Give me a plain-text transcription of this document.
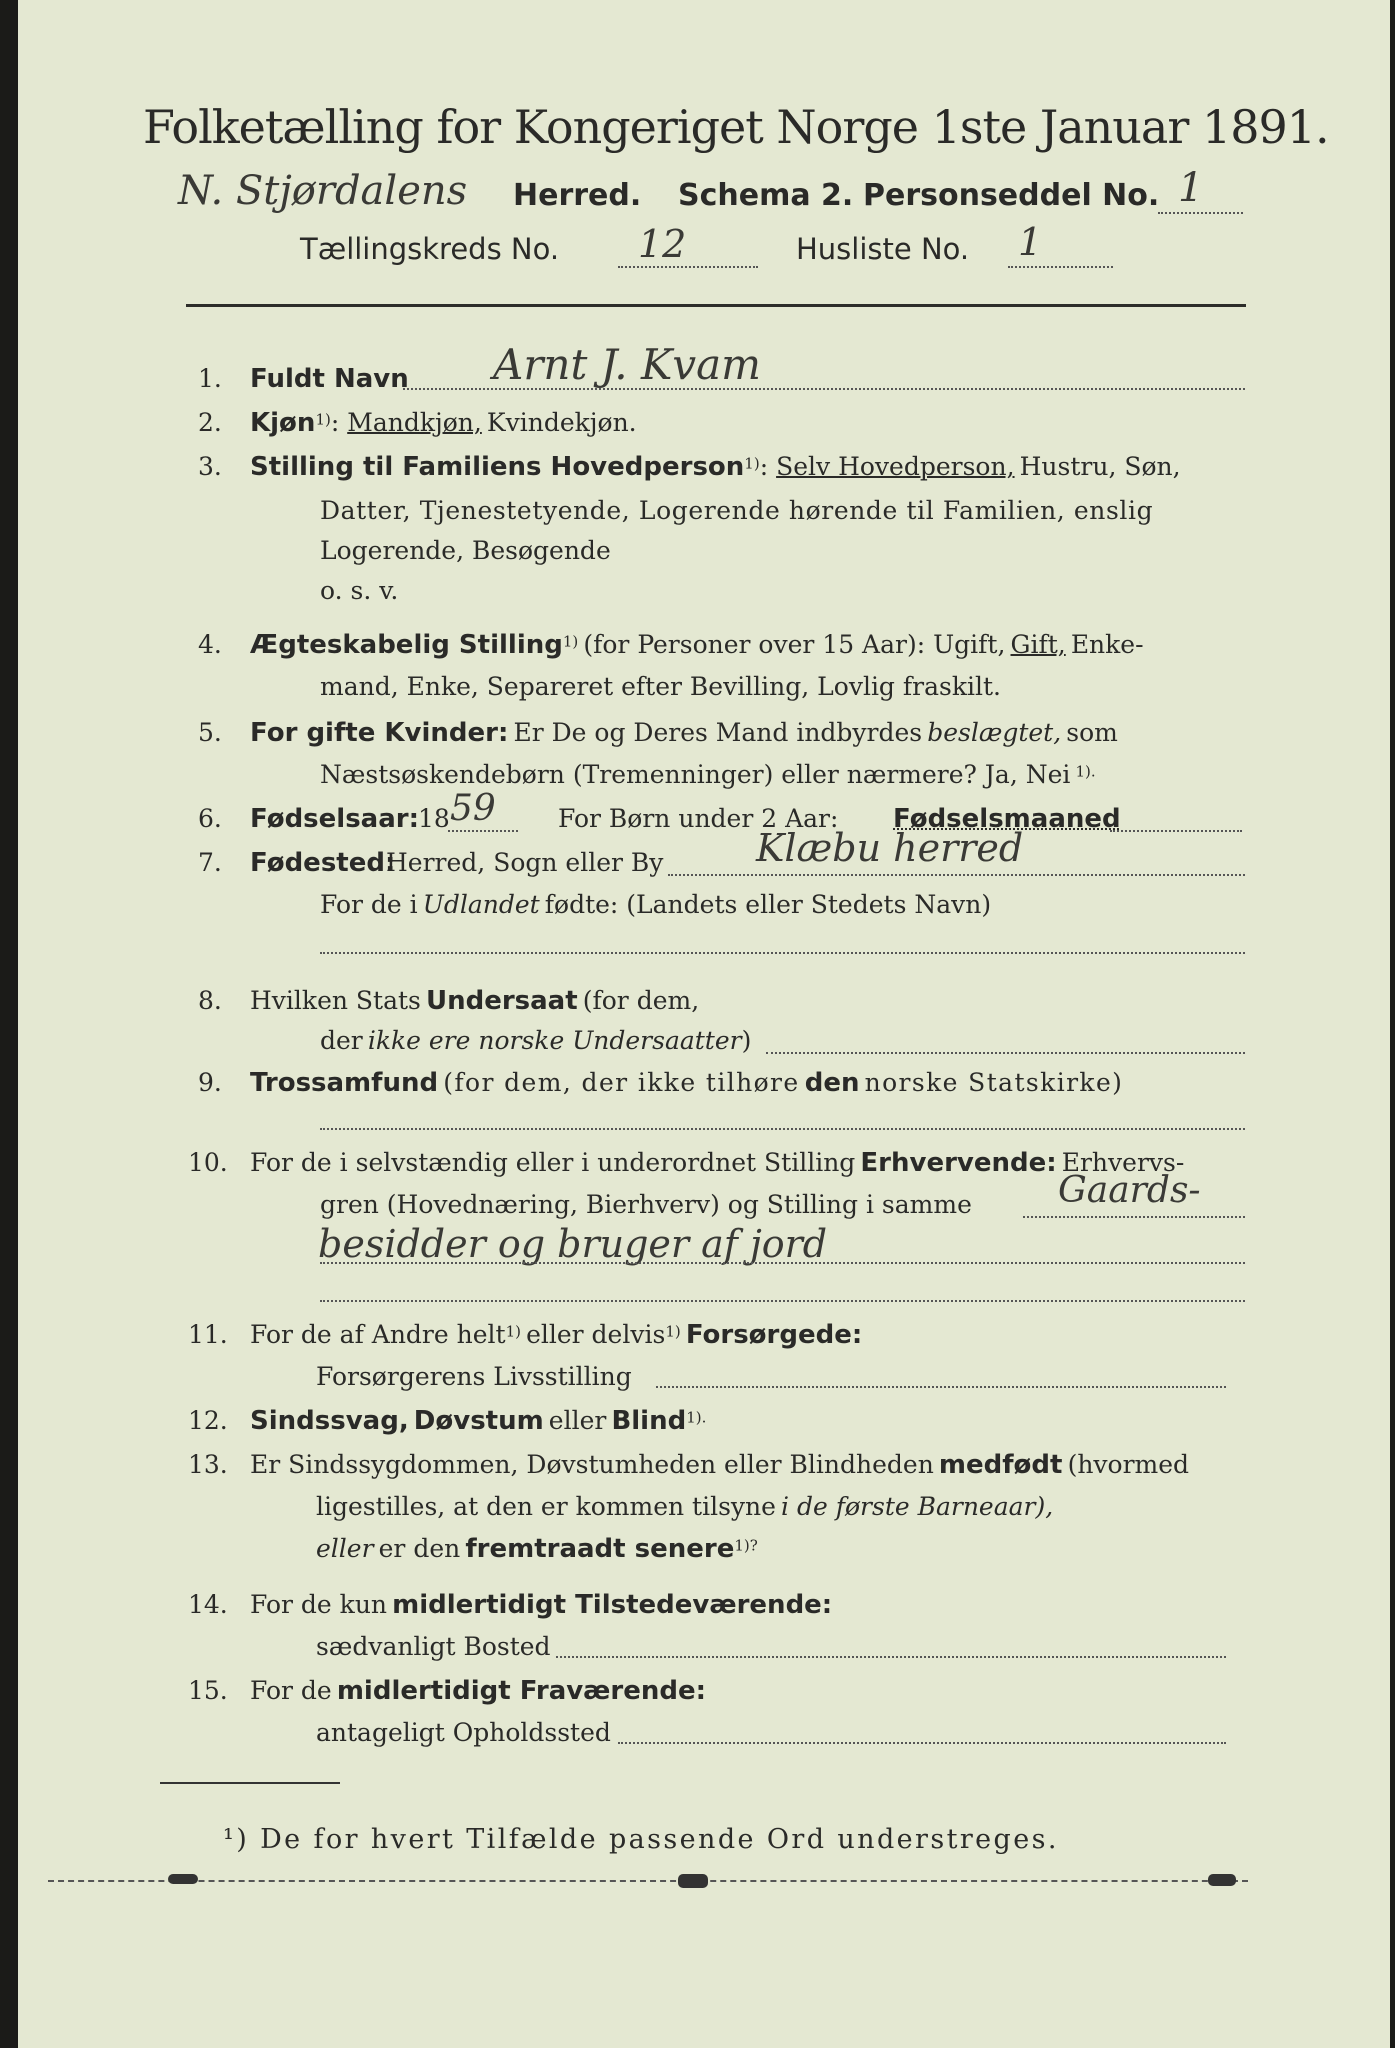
Folketælling for Kongeriget Norge 1ste Januar 1891.
N. Stjørdalens Herred. Schema 2. Personseddel No. 1
Tællingskreds No. 12	Husliste No. 1
1. Fuldt Navn Arnt J. Kvam
2. Kjøn$^{1)}$: Mandkjøn, Kvindekjøn.
3. Stilling til Familiens Hovedperson$^{1)}$: Selv Hovedperson, Hustru, Søn,
Datter, Tjenestetyende, Logerende hørende til Familien, enslig
Logerende, Besøgende
o. s. v.
4. Ægteskabelig Stilling$^{1)}$ (for Personer over 15 Aar): Ugift, Gift, Enke-
mand, Enke, Separeret efter Bevilling, Lovlig fraskilt.
5. For gifte Kvinder: Er De og Deres Mand indbyrdes beslægtet, som
Næstsøskendebørn (Tremenninger) eller nærmere? Ja, Nei 1).
6. Fødselsaar: 18 59 For Børn under 2 Aar: Fødselsmaaned
7. Fødested:
Herred, Sogn eller By Klæbu herred
For de i Udlandet fødte: (Landets eller Stedets Navn)
8. Hvilken Stats Undersaat (for dem,
der ikke ere norske Undersaatter)
9. Trossamfund (for dem, der ikke tilhøre den norske Statskirke)
10. For de i selvstændig eller i underordnet Stilling Erhvervende: Erhvervs-
gren (Hovednæring, Bierhverv) og Stilling i samme Gaards-
besidder og bruger af jord
11. For de af Andre helt$^{1)}$ eller delvis$^{1)}$ Forsørgede:
Forsørgerens Livsstilling
12. Sindssvag, Døvstum eller Blind1).
13. Er Sindssygdommen, Døvstumheden eller Blindheden medfødt (hvormed
ligestilles, at den er kommen tilsyne i de første Barneaar),
eller er den fremtraadt senere1)?
14. For de kun midlertidigt Tilstedeværende:
sædvanligt Bosted
15. For de midlertidigt Fraværende:
antageligt Opholdssted
¹) De for hvert Tilfælde passende Ord understreges.
